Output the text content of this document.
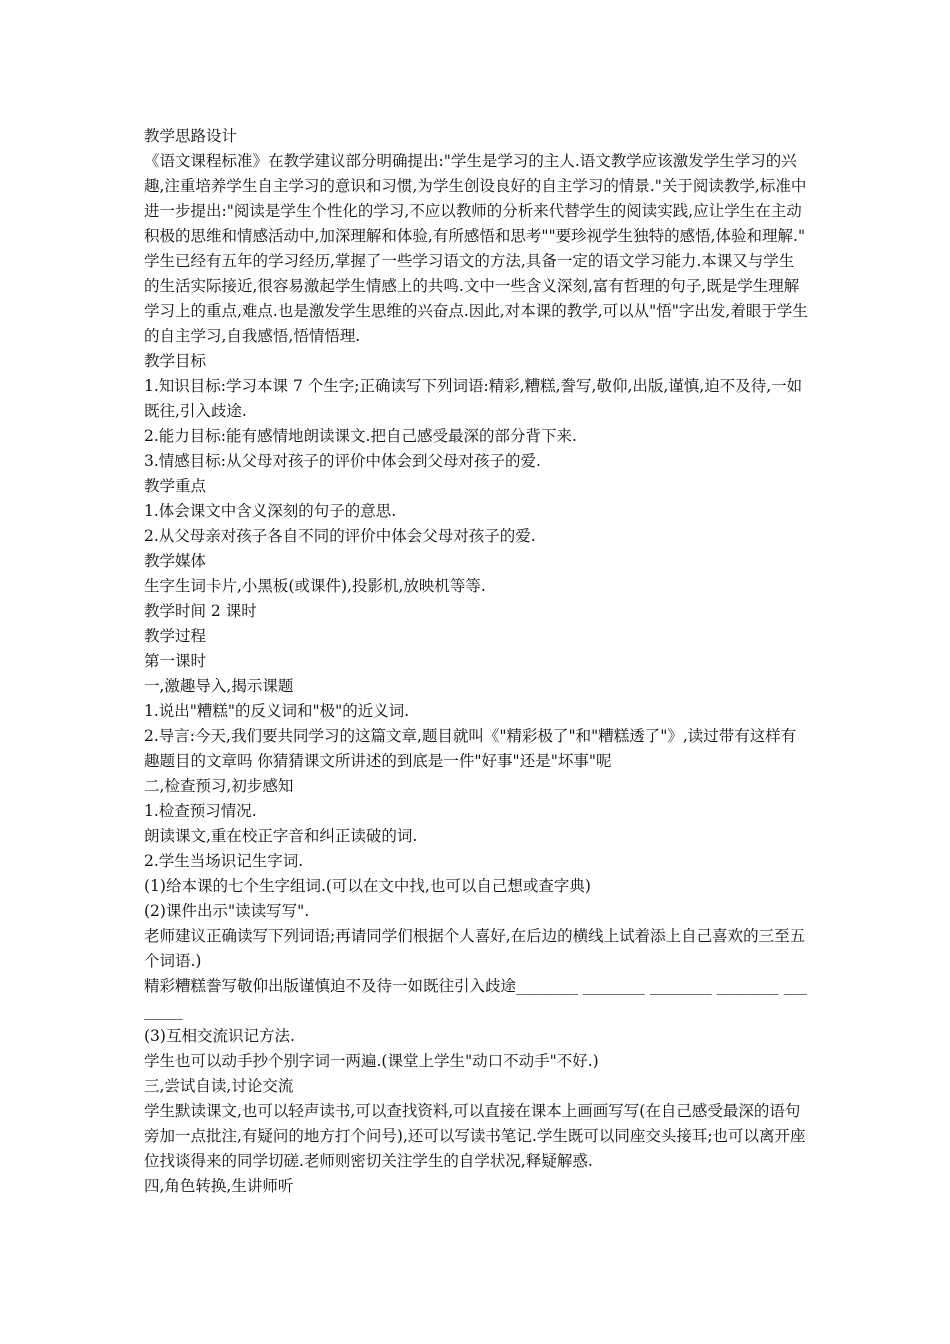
教学思路设计

《语文课程标准》在教学建议部分明确提出:"学生是学习的主人.语文教学应该激发学生学习的兴趣,注重培养学生自主学习的意识和习惯,为学生创设良好的自主学习的情景."关于阅读教学,标准中进一步提出:"阅读是学生个性化的学习,不应以教师的分析来代替学生的阅读实践,应让学生在主动积极的思维和情感活动中,加深理解和体验,有所感悟和思考""要珍视学生独特的感悟,体验和理解."

学生已经有五年的学习经历,掌握了一些学习语文的方法,具备一定的语文学习能力.本课又与学生的生活实际接近,很容易激起学生情感上的共鸣.文中一些含义深刻,富有哲理的句子,既是学生理解学习上的重点,难点.也是激发学生思维的兴奋点.因此,对本课的教学,可以从"悟"字出发,着眼于学生的自主学习,自我感悟,悟情悟理.

教学目标

1.知识目标:学习本课 7 个生字;正确读写下列词语:精彩,糟糕,誊写,敬仰,出版,谨慎,迫不及待,一如既往,引入歧途.

2.能力目标:能有感情地朗读课文.把自己感受最深的部分背下来.

3.情感目标:从父母对孩子的评价中体会到父母对孩子的爱.

教学重点

1.体会课文中含义深刻的句子的意思.

2.从父母亲对孩子各自不同的评价中体会父母对孩子的爱.

教学媒体

生字生词卡片,小黑板(或课件),投影机,放映机等等.

教学时间 2 课时

教学过程

第一课时

一,激趣导入,揭示课题

1.说出"糟糕"的反义词和"极"的近义词.

2.导言:今天,我们要共同学习的这篇文章,题目就叫《"精彩极了"和"糟糕透了"》,读过带有这样有趣题目的文章吗 你猜猜课文所讲述的到底是一件"好事"还是"坏事"呢

二,检查预习,初步感知

1.检查预习情况.

朗读课文,重在校正字音和纠正读破的词.

2.学生当场识记生字词.

(1)给本课的七个生字组词.(可以在文中找,也可以自己想或查字典)

(2)课件出示"读读写写".

老师建议正确读写下列词语;再请同学们根据个人喜好,在后边的横线上试着添上自己喜欢的三至五个词语.)

精彩糟糕誊写敬仰出版谨慎迫不及待一如既往引入歧途________ ________ ________ ________ ________

(3)互相交流识记方法.

学生也可以动手抄个别字词一两遍.(课堂上学生"动口不动手"不好.)

三,尝试自读,讨论交流

学生默读课文,也可以轻声读书,可以查找资料,可以直接在课本上画画写写(在自己感受最深的语句旁加一点批注,有疑问的地方打个问号),还可以写读书笔记.学生既可以同座交头接耳;也可以离开座位找谈得来的同学切磋.老师则密切关注学生的自学状况,释疑解惑.

四,角色转换,生讲师听
